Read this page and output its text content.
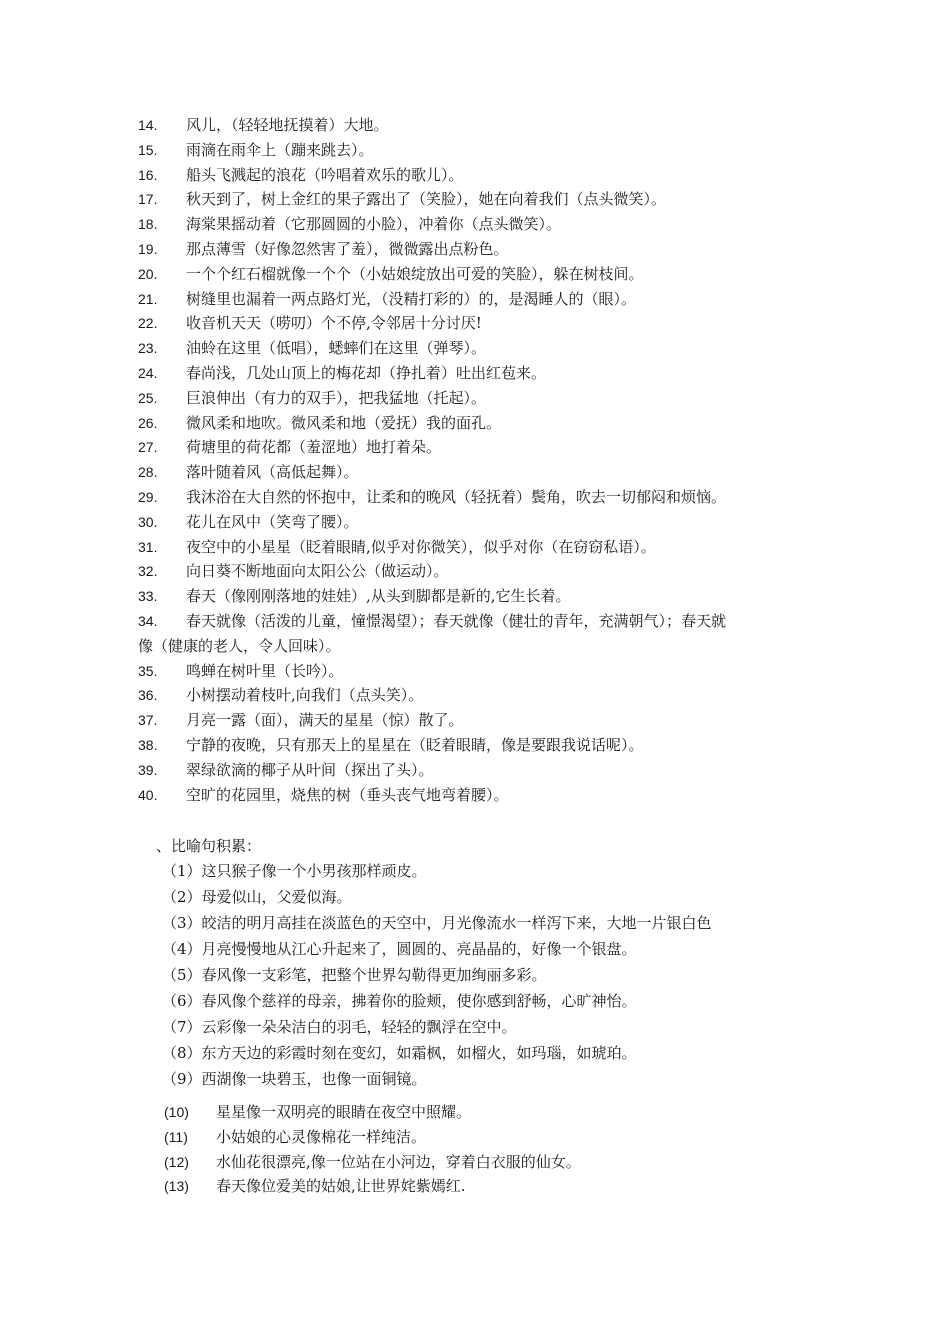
14.	风儿，（轻轻地抚摸着）大地。
15.	雨滴在雨伞上（蹦来跳去）。
16.	船头飞溅起的浪花（吟唱着欢乐的歌儿）。
17.	秋天到了，树上金红的果子露出了（笑脸），她在向着我们（点头微笑）。
18.	海棠果摇动着（它那圆圆的小脸），冲着你（点头微笑）。
19.	那点薄雪（好像忽然害了羞），微微露出点粉色。
20.	一个个红石榴就像一个个（小姑娘绽放出可爱的笑脸），躲在树枝间。
21.	树缝里也漏着一两点路灯光，（没精打彩的）的，是渴睡人的（眼）。
22.	收音机天天（唠叨）个不停,令邻居十分讨厌!
23.	油蛉在这里（低唱），蟋蟀们在这里（弹琴）。
24.	春尚浅，几处山顶上的梅花却（挣扎着）吐出红苞来。
25.	巨浪伸出（有力的双手），把我猛地（托起）。
26.	微风柔和地吹。微风柔和地（爱抚）我的面孔。
27.	荷塘里的荷花都（羞涩地）地打着朵。
28.	落叶随着风（高低起舞）。
29.	我沐浴在大自然的怀抱中，让柔和的晚风（轻抚着）鬓角，吹去一切郁闷和烦恼。
30.	花儿在风中（笑弯了腰）。
31.	夜空中的小星星（眨着眼睛,似乎对你微笑），似乎对你（在窃窃私语）。
32.	向日葵不断地面向太阳公公（做运动）。
33.	春天（像刚刚落地的娃娃）,从头到脚都是新的,它生长着。
34.	春天就像（活泼的儿童，憧憬渴望）；春天就像（健壮的青年，充满朝气）；春天就
像（健康的老人，令人回味）。
35.	鸣蝉在树叶里（长吟）。
36.	小树摆动着枝叶,向我们（点头笑）。
37.	月亮一露（面），满天的星星（惊）散了。
38.	宁静的夜晚，只有那天上的星星在（眨着眼睛，像是要跟我说话呢）。
39.	翠绿欲滴的椰子从叶间（探出了头）。
40.	空旷的花园里，烧焦的树（垂头丧气地弯着腰）。
、比喻句积累：
（1）这只猴子像一个小男孩那样顽皮。
（2）母爱似山，父爱似海。
（3）皎洁的明月高挂在淡蓝色的天空中，月光像流水一样泻下来，大地一片银白色
（4）月亮慢慢地从江心升起来了，圆圆的、亮晶晶的，好像一个银盘。
（5）春风像一支彩笔，把整个世界勾勒得更加绚丽多彩。
（6）春风像个慈祥的母亲，拂着你的脸颊，使你感到舒畅，心旷神怡。
（7）云彩像一朵朵洁白的羽毛，轻轻的飘浮在空中。
（8）东方天边的彩霞时刻在变幻，如霜枫，如榴火，如玛瑙，如琥珀。
（9）西湖像一块碧玉，也像一面铜镜。
(10)	星星像一双明亮的眼睛在夜空中照耀。
(11)	小姑娘的心灵像棉花一样纯洁。
(12)	水仙花很漂亮,像一位站在小河边，穿着白衣服的仙女。
(13)	春天像位爱美的姑娘,让世界姹紫嫣红.
